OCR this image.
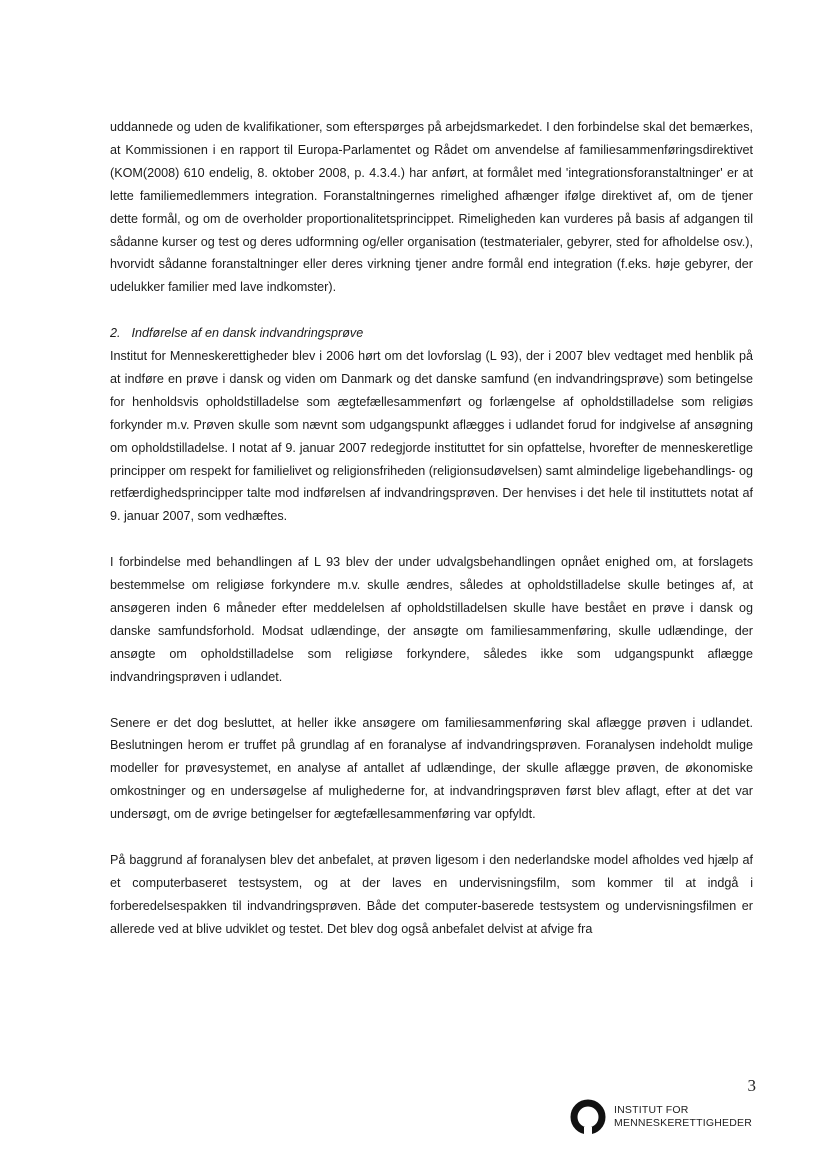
uddannede og uden de kvalifikationer, som efterspørges på arbejdsmarkedet. I den forbindelse skal det bemærkes, at Kommissionen i en rapport til Europa-Parlamentet og Rådet om anvendelse af familiesammenføringsdirektivet (KOM(2008) 610 endelig, 8. oktober 2008, p. 4.3.4.) har anført, at formålet med 'integrationsforanstaltninger' er at lette familiemedlemmers integration. Foranstaltningernes rimelighed afhænger ifølge direktivet af, om de tjener dette formål, og om de overholder proportionalitetsprincippet. Rimeligheden kan vurderes på basis af adgangen til sådanne kurser og test og deres udformning og/eller organisation (testmaterialer, gebyrer, sted for afholdelse osv.), hvorvidt sådanne foranstaltninger eller deres virkning tjener andre formål end integration (f.eks. høje gebyrer, der udelukker familier med lave indkomster).

2. Indførelse af en dansk indvandringsprøve

Institut for Menneskerettigheder blev i 2006 hørt om det lovforslag (L 93), der i 2007 blev vedtaget med henblik på at indføre en prøve i dansk og viden om Danmark og det danske samfund (en indvandringsprøve) som betingelse for henholdsvis opholdstilladelse som ægtefællesammenført og forlængelse af opholdstilladelse som religiøs forkynder m.v. Prøven skulle som nævnt som udgangspunkt aflægges i udlandet forud for indgivelse af ansøgning om opholdstilladelse. I notat af 9. januar 2007 redegjorde instituttet for sin opfattelse, hvorefter de menneskeretlige principper om respekt for familielivet og religionsfriheden (religionsudøvelsen) samt almindelige ligebehandlings- og retfærdighedsprincipper talte mod indførelsen af indvandringsprøven. Der henvises i det hele til instituttets notat af 9. januar 2007, som vedhæftes.

I forbindelse med behandlingen af L 93 blev der under udvalgsbehandlingen opnået enighed om, at forslagets bestemmelse om religiøse forkyndere m.v. skulle ændres, således at opholdstilladelse skulle betinges af, at ansøgeren inden 6 måneder efter meddelelsen af opholdstilladelsen skulle have bestået en prøve i dansk og danske samfundsforhold. Modsat udlændinge, der ansøgte om familiesammenføring, skulle udlændinge, der ansøgte om opholdstilladelse som religiøse forkyndere, således ikke som udgangspunkt aflægge indvandringsprøven i udlandet.

Senere er det dog besluttet, at heller ikke ansøgere om familiesammenføring skal aflægge prøven i udlandet. Beslutningen herom er truffet på grundlag af en foranalyse af indvandringsprøven. Foranalysen indeholdt mulige modeller for prøvesystemet, en analyse af antallet af udlændinge, der skulle aflægge prøven, de økonomiske omkostninger og en undersøgelse af mulighederne for, at indvandringsprøven først blev aflagt, efter at det var undersøgt, om de øvrige betingelser for ægtefællesammenføring var opfyldt.

På baggrund af foranalysen blev det anbefalet, at prøven ligesom i den nederlandske model afholdes ved hjælp af et computerbaseret testsystem, og at der laves en undervisningsfilm, som kommer til at indgå i forberedelsespakken til indvandringsprøven. Både det computer-baserede testsystem og undervisningsfilmen er allerede ved at blive udviklet og testet. Det blev dog også anbefalet delvist at afvige fra

3
INSTITUT FOR
MENNESKERETTIGHEDER
